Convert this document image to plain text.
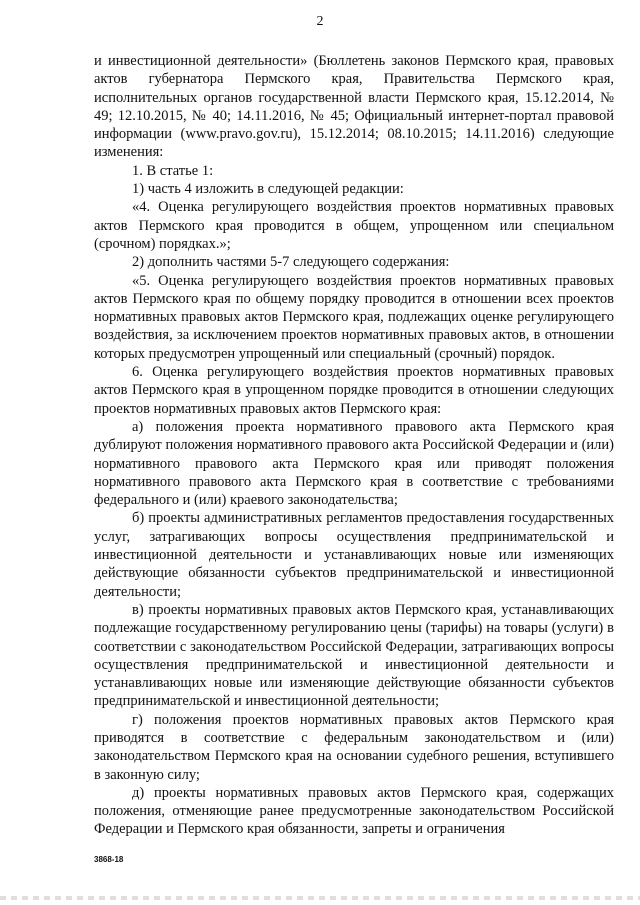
2

и инвестиционной деятельности» (Бюллетень законов Пермского края, правовых актов губернатора Пермского края, Правительства Пермского края, исполнительных органов государственной власти Пермского края, 15.12.2014, № 49; 12.10.2015, № 40; 14.11.2016, № 45; Официальный интернет-портал правовой информации (www.pravo.gov.ru), 15.12.2014; 08.10.2015; 14.11.2016) следующие изменения:

1. В статье 1:

1) часть 4 изложить в следующей редакции:

«4. Оценка регулирующего воздействия проектов нормативных правовых актов Пермского края проводится в общем, упрощенном или специальном (срочном) порядках.»;

2) дополнить частями 5-7 следующего содержания:

«5. Оценка регулирующего воздействия проектов нормативных правовых актов Пермского края по общему порядку проводится в отношении всех проектов нормативных правовых актов Пермского края, подлежащих оценке регулирующего воздействия, за исключением проектов нормативных правовых актов, в отношении которых предусмотрен упрощенный или специальный (срочный) порядок.

6. Оценка регулирующего воздействия проектов нормативных правовых актов Пермского края в упрощенном порядке проводится в отношении следующих проектов нормативных правовых актов Пермского края:

а) положения проекта нормативного правового акта Пермского края дублируют положения нормативного правового акта Российской Федерации и (или) нормативного правового акта Пермского края или приводят положения нормативного правового акта Пермского края в соответствие с требованиями федерального и (или) краевого законодательства;

б) проекты административных регламентов предоставления государственных услуг, затрагивающих вопросы осуществления предпринимательской и инвестиционной деятельности и устанавливающих новые или изменяющих действующие обязанности субъектов предпринимательской и инвестиционной деятельности;

в) проекты нормативных правовых актов Пермского края, устанавливающих подлежащие государственному регулированию цены (тарифы) на товары (услуги) в соответствии с законодательством Российской Федерации, затрагивающих вопросы осуществления предпринимательской и инвестиционной деятельности и устанавливающих новые или изменяющие действующие обязанности субъектов предпринимательской и инвестиционной деятельности;

г) положения проектов нормативных правовых актов Пермского края приводятся в соответствие с федеральным законодательством и (или) законодательством Пермского края на основании судебного решения, вступившего в законную силу;

д) проекты нормативных правовых актов Пермского края, содержащих положения, отменяющие ранее предусмотренные законодательством Российской Федерации и Пермского края обязанности, запреты и ограничения

3868-18
